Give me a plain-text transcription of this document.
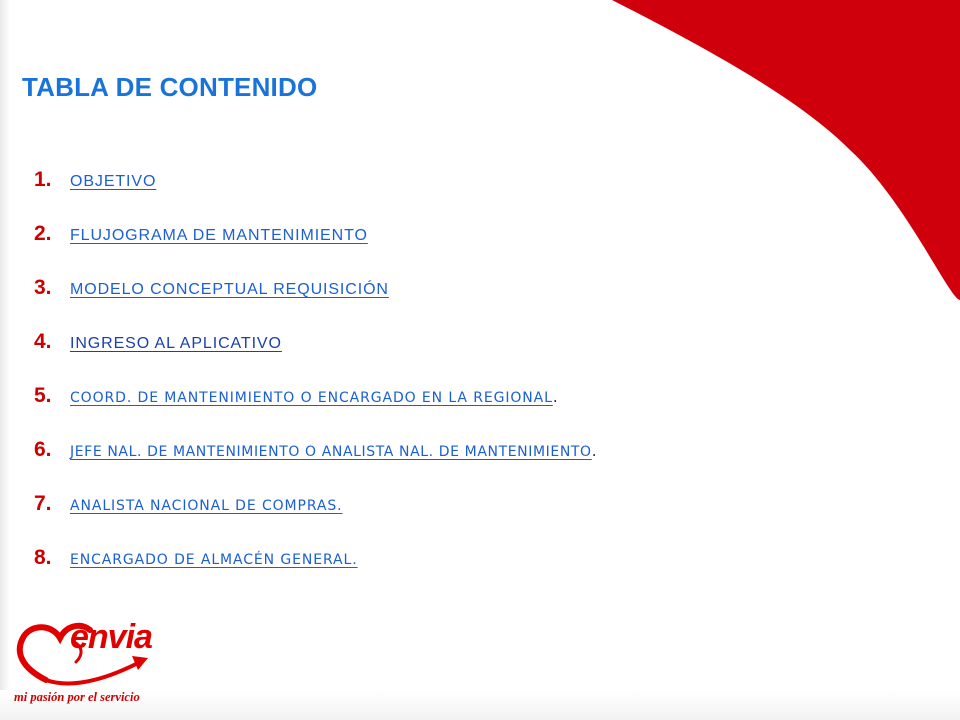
TABLA DE CONTENIDO
1.	OBJETIVO
2.	FLUJOGRAMA DE MANTENIMIENTO
3.	MODELO CONCEPTUAL REQUISICIÓN
4.	INGRESO AL APLICATIVO
5.	COORD. DE MANTENIMIENTO O ENCARGADO EN LA REGIONAL .
6.	JEFE NAL. DE MANTENIMIENTO O ANALISTA NAL. DE MANTENIMIENTO .
7.	ANALISTA NACIONAL DE COMPRAS.
8.	ENCARGADO DE ALMACÉN GENERAL.
envia
mi pasión por el servicio
